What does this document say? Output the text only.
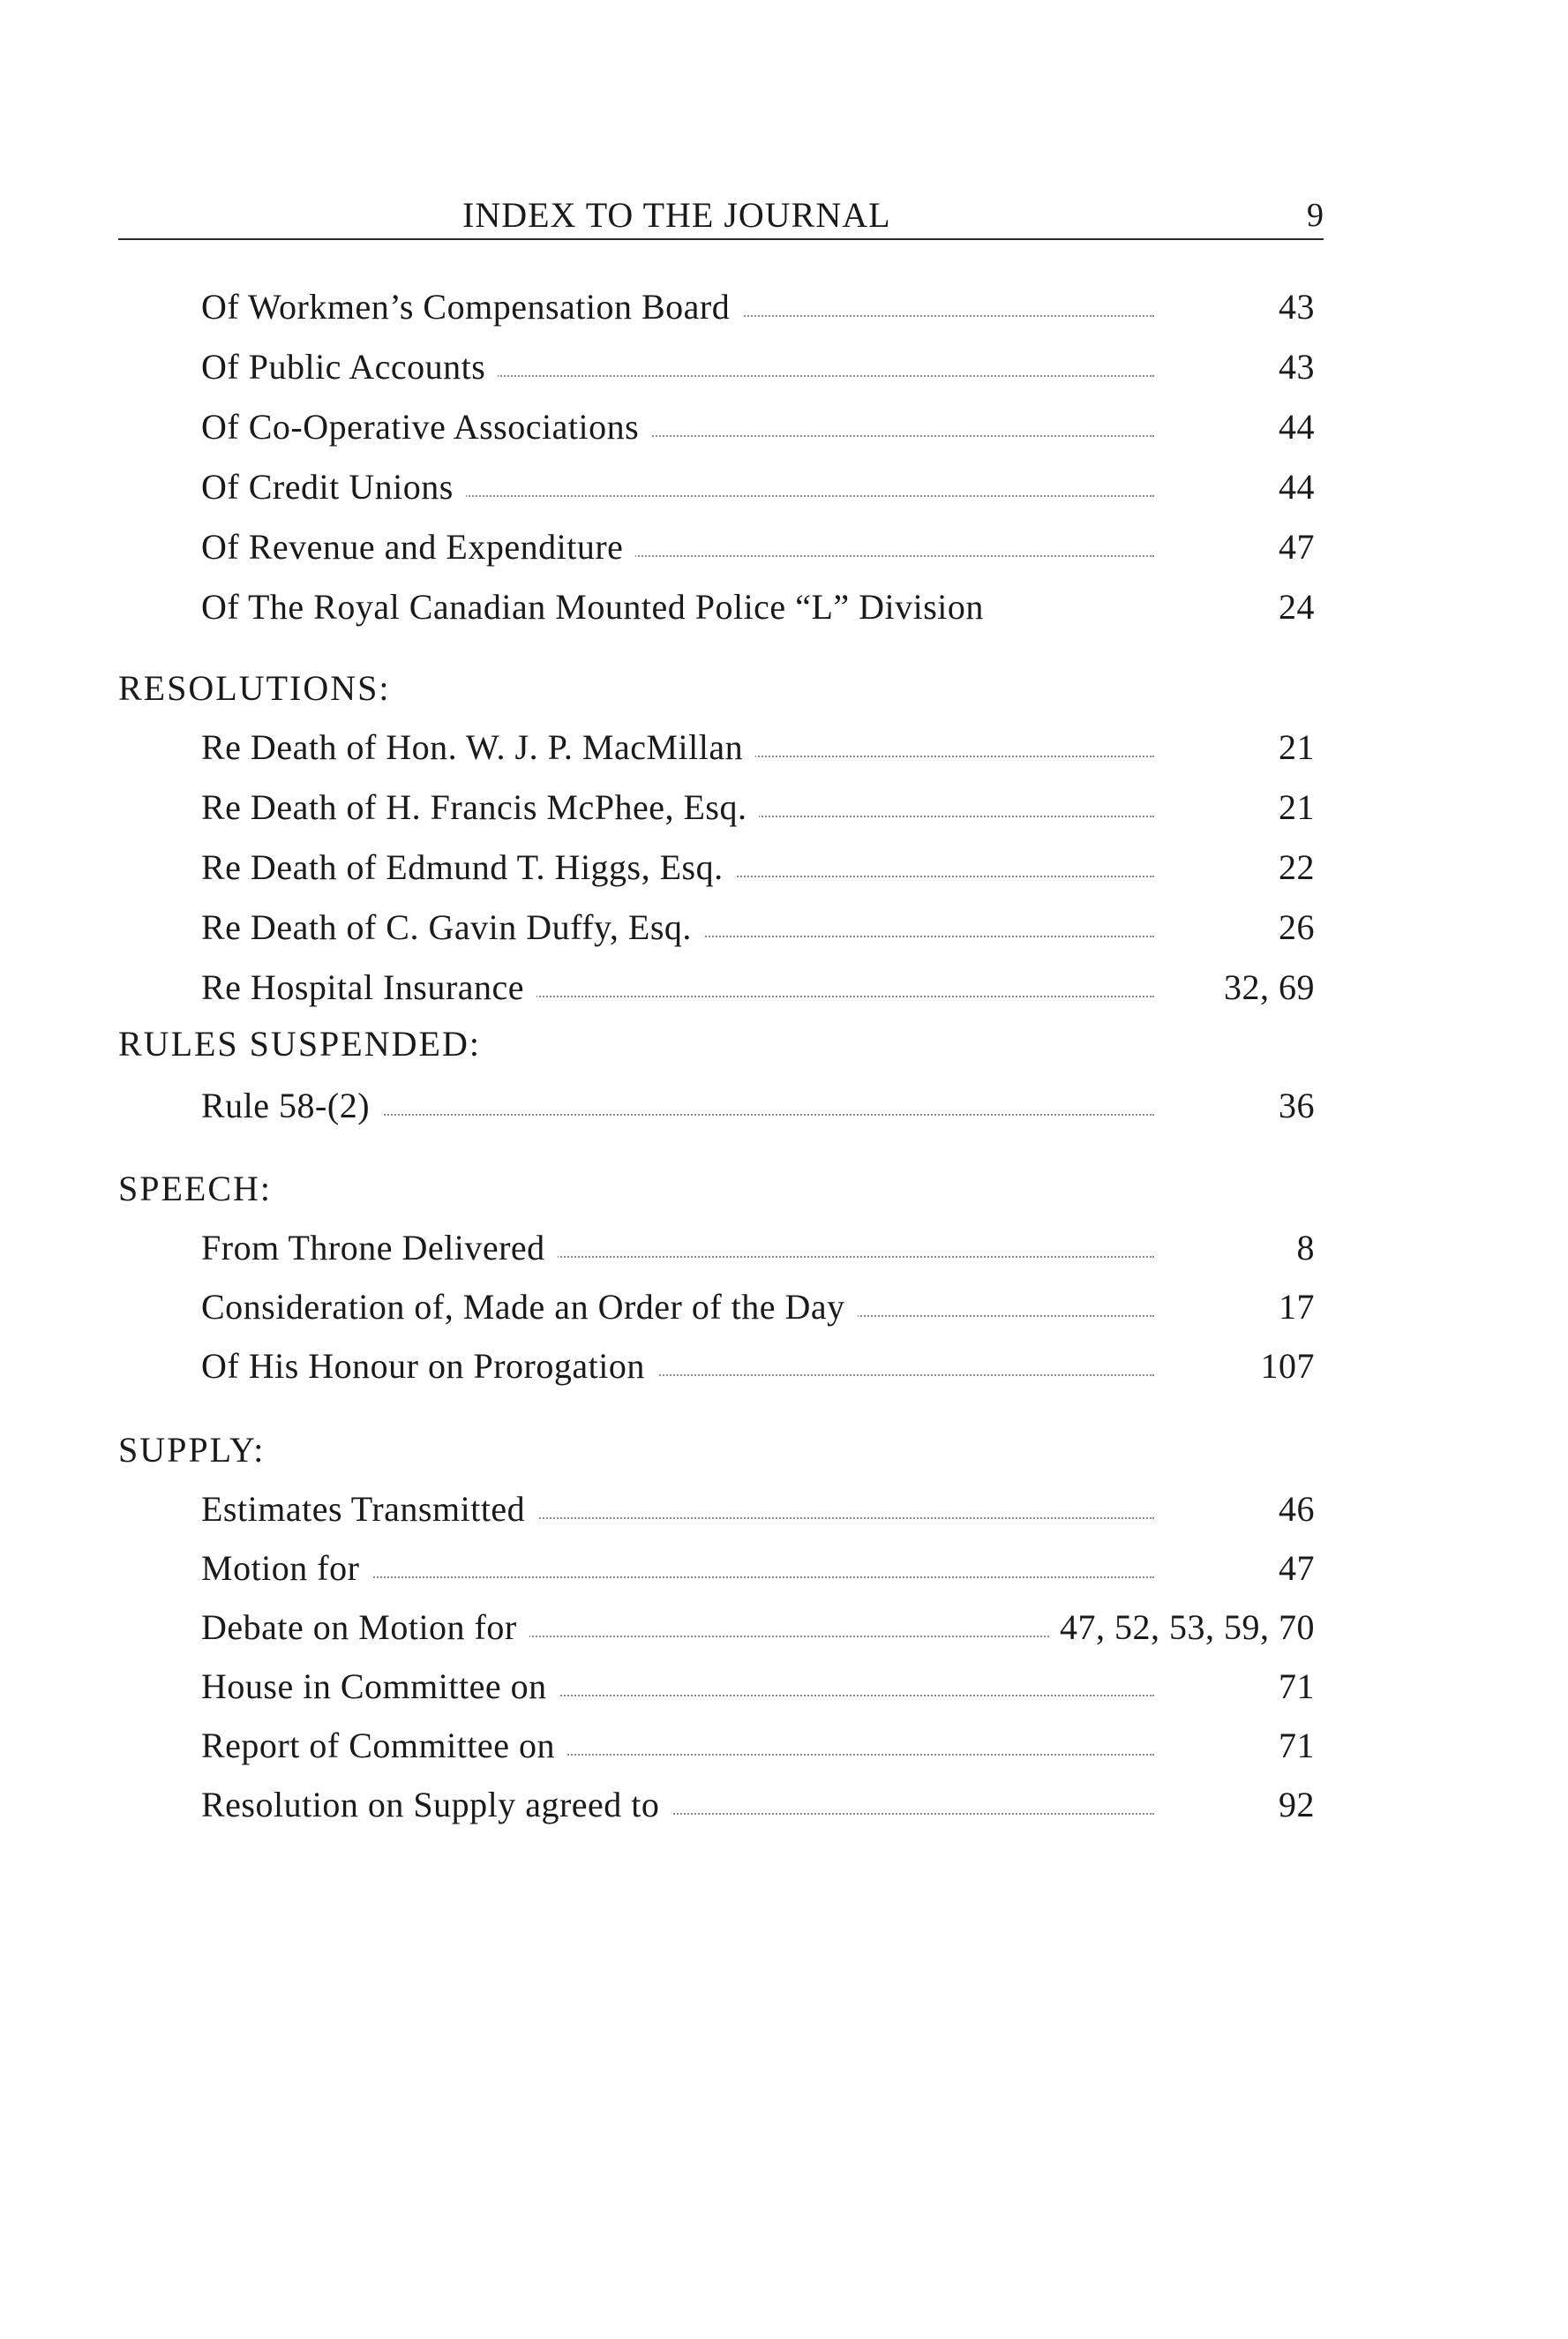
INDEX TO THE JOURNAL	9
Of Workmen’s Compensation Board	43
Of Public Accounts	43
Of Co-Operative Associations	44
Of Credit Unions	44
Of Revenue and Expenditure	47
Of The Royal Canadian Mounted Police “L” Division	24
RESOLUTIONS:
Re Death of Hon. W. J. P. MacMillan	21
Re Death of H. Francis McPhee, Esq.	21
Re Death of Edmund T. Higgs, Esq.	22
Re Death of C. Gavin Duffy, Esq.	26
Re Hospital Insurance	32, 69
RULES SUSPENDED:
Rule 58-(2)	36
SPEECH:
From Throne Delivered	8
Consideration of, Made an Order of the Day	17
Of His Honour on Prorogation	107
SUPPLY:
Estimates Transmitted	46
Motion for	47
Debate on Motion for	47, 52, 53, 59, 70
House in Committee on	71
Report of Committee on	71
Resolution on Supply agreed to	92
